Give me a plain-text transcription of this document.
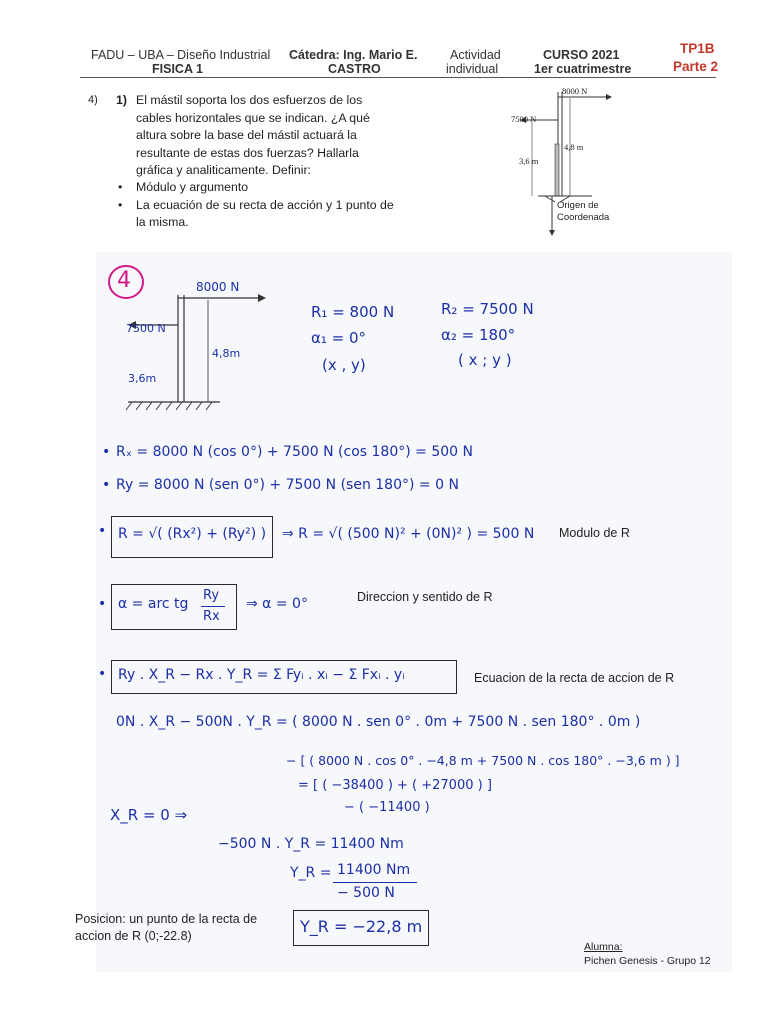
FADU – UBA – Diseño Industrial
FISICA 1
Cátedra: Ing. Mario E.
CASTRO
Actividad
individual
CURSO 2021
1er cuatrimestre
TP1B
Parte 2
4) 1) El mástil soporta los dos esfuerzos de los
cables horizontales que se indican. ¿A qué
altura sobre la base del mástil actuará la
resultante de estas dos fuerzas? Hallarla
gráfica y analiticamente. Definir:
• Módulo y argumento
• La ecuación de su recta de acción y 1 punto de
la misma.
8000 N
7500 N
4,8 m
3,6 m
Origen de
Coordenada
4	8000 N
7500 N
4,8m
3,6m
R₁ = 800 N
α₁ = 0°
(x , y)
R₂ = 7500 N
α₂ = 180°
( x ; y )
• Rₓ = 8000 N (cos 0°) + 7500 N (cos 180°) = 500 N
• Ry = 8000 N (sen 0°) + 7500 N (sen 180°) = 0 N
• R = √( (Rx²) + (Ry²) ) ⇒ R = √( (500 N)² + (0N)² ) = 500 N Modulo de R
• α = arc tg
Ry
Rx
⇒ α = 0°	Direccion y sentido de R
• Ry . X_R − Rx . Y_R = Σ Fyᵢ . xᵢ − Σ Fxᵢ . yᵢ	Ecuacion de la recta de accion de R
0N . X_R − 500N . Y_R = ( 8000 N . sen 0° . 0m + 7500 N . sen 180° . 0m )
− [ ( 8000 N . cos 0° . −4,8 m + 7500 N . cos 180° . −3,6 m ) ]
= [ ( −38400 ) + ( +27000 ) ]
− ( −11400 )
X_R = 0 ⇒
−500 N . Y_R = 11400 Nm
Y_R = 11400 Nm
− 500 N
Y_R = −22,8 m
Posicion: un punto de la recta de
accion de R (0;-22.8)
Alumna:
Pichen Genesis - Grupo 12
